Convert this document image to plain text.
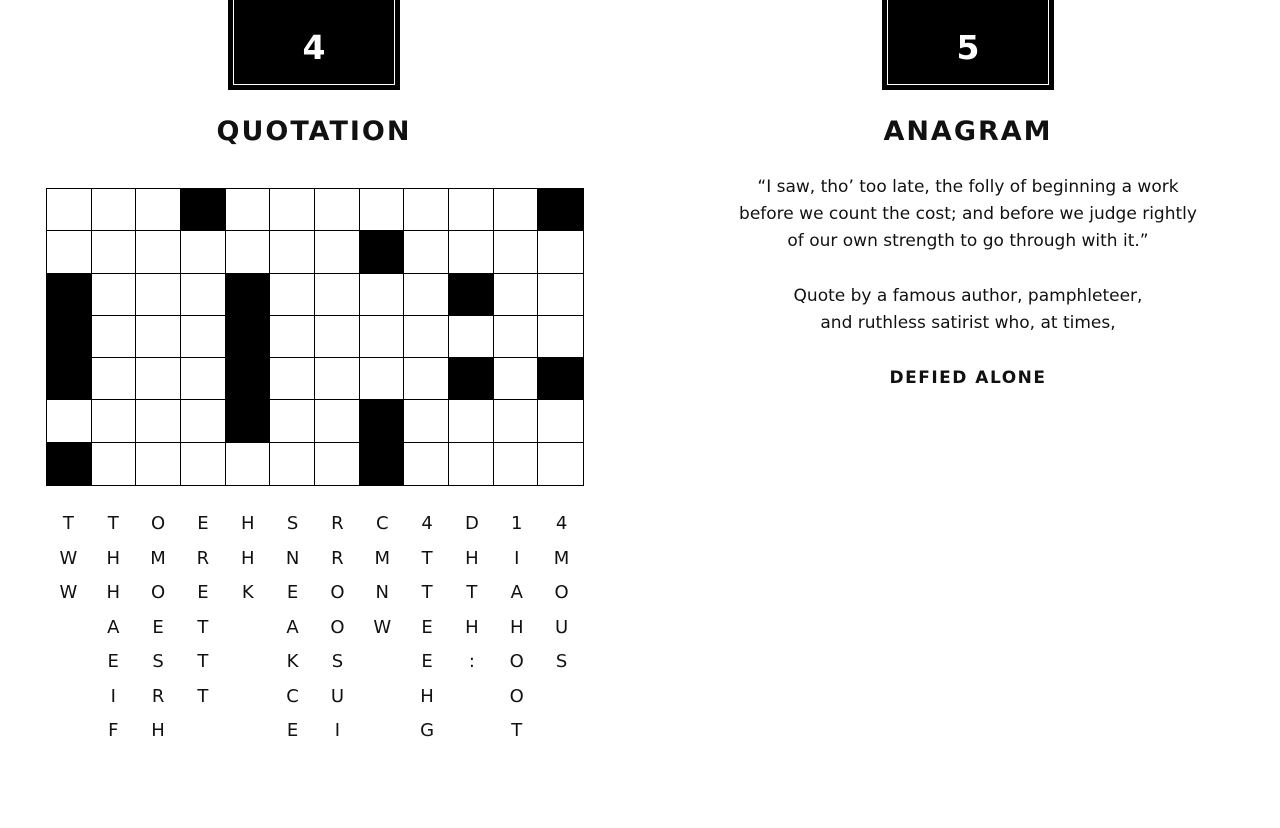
4
QUOTATION
T
W
W
T
H
H
A
E
I
F
O
M
O
E
S
R
H
E
R
E
T
T
T
H
H
K
S
N
E
A
K
C
E
R
R
O
O
S
U
I
C
M
N
W
4
T
T
E
E
H
G
D
H
T
H
:
1
I
A
H
O
O
T
4
M
O
U
S
5
ANAGRAM

“I saw, tho’ too late, the folly of beginning a work
before we count the cost; and before we judge rightly
of our own strength to go through with it.”

Quote by a famous author, pamphleteer,
and ruthless satirist who, at times,

DEFIED ALONE
